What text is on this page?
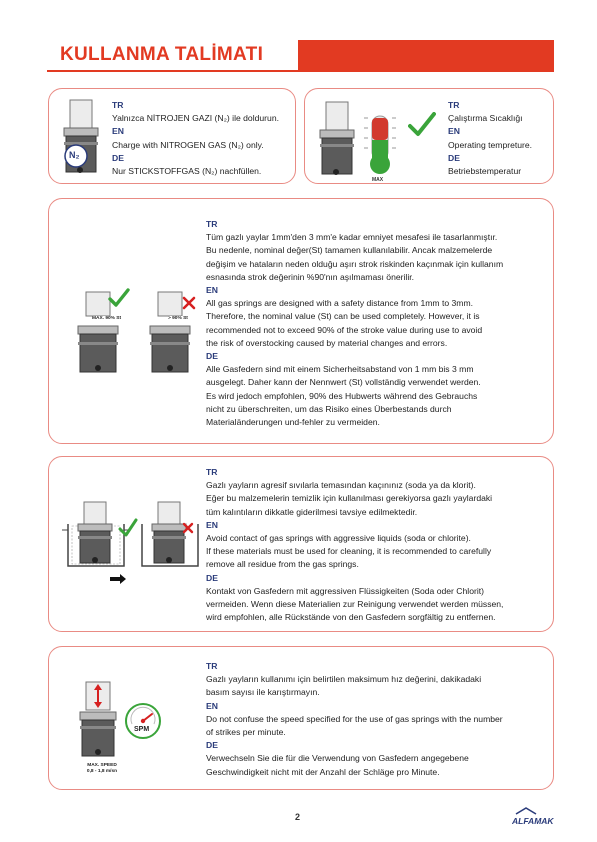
KULLANMA TALİMATI
N₂
TR
Yalnızca NİTROJEN GAZI (N₂) ile doldurun.
EN
Charge with NITROGEN GAS (N₂) only.
DE
Nur STICKSTOFFGAS (N₂) nachfüllen.
MAX
TR
Çalıştırma Sıcaklığı
EN
Operating tempreture.
DE
Betriebstemperatur
MAX. 90% St	> 90% St
TR
Tüm gazlı yaylar 1mm'den 3 mm'e kadar emniyet mesafesi ile tasarlanmıştır.
Bu nedenle, nominal değer(St) tamamen kullanılabilir. Ancak malzemelerde
değişim ve hataların neden olduğu aşırı strok riskinden kaçınmak için kullanım
esnasında strok değerinin %90'nın aşılmaması önerilir.
EN
All gas springs are designed with a safety distance from 1mm to 3mm.
Therefore, the nominal value (St) can be used completely. However, it is
recommended not to exceed 90% of the stroke value during use to avoid
the risk of overstocking caused by material changes and errors.
DE
Alle Gasfedern sind mit einem Sicherheitsabstand von 1 mm bis 3 mm
ausgelegt. Daher kann der Nennwert (St) vollständig verwendet werden.
Es wird jedoch empfohlen, 90% des Hubwerts während des Gebrauchs
nicht zu überschreiten, um das Risiko eines Überbestands durch
Materialänderungen und-fehler zu vermeiden.
TR
Gazlı yayların agresif sıvılarla temasından kaçınınız (soda ya da klorit).
Eğer bu malzemelerin temizlik için kullanılması gerekiyorsa gazlı yaylardaki
tüm kalıntıların dikkatle giderilmesi tavsiye edilmektedir.
EN
Avoid contact of gas springs with aggressive liquids (soda or chlorite).
If these materials must be used for cleaning, it is recommended to carefully
remove all residue from the gas springs.
DE
Kontakt von Gasfedern mit aggressiven Flüssigkeiten (Soda oder Chlorit)
vermeiden. Wenn diese Materialien zur Reinigung verwendet werden müssen,
wird empfohlen, alle Rückstände von den Gasfedern sorgfältig zu entfernen.
SPM
MAX. SPEED
0,8 - 1,8 m/sn
TR
Gazlı yayların kullanımı için belirtilen maksimum hız değerini, dakikadaki
basım sayısı ile karıştırmayın.
EN
Do not confuse the speed specified for the use of gas springs with the number
of strikes per minute.
DE
Verwechseln Sie die für die Verwendung von Gasfedern angegebene
Geschwindigkeit nicht mit der Anzahl der Schläge pro Minute.
2	ALFAMAK
